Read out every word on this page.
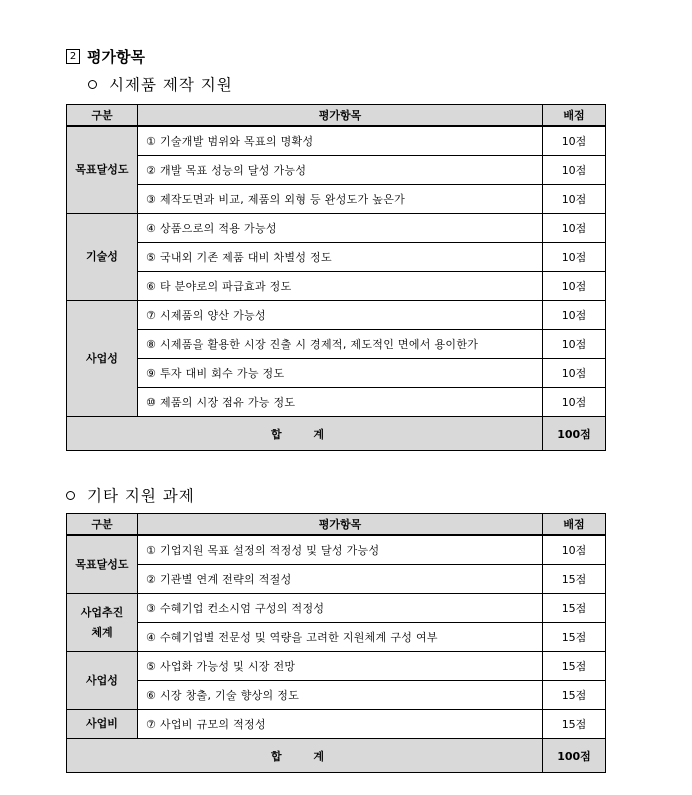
2 평가항목
시제품 제작 지원
구분	평가항목	배점
목표달성도	① 기술개발 범위와 목표의 명확성	10점
	② 개발 목표 성능의 달성 가능성	10점
	③ 제작도면과 비교, 제품의 외형 등 완성도가 높은가	10점
기술성	④ 상품으로의 적용 가능성	10점
	⑤ 국내외 기존 제품 대비 차별성 정도	10점
	⑥ 타 분야로의 파급효과 정도	10점
사업성	⑦ 시제품의 양산 가능성	10점
	⑧ 시제품을 활용한 시장 진출 시 경제적, 제도적인 면에서 용이한가	10점
	⑨ 투자 대비 회수 가능 정도	10점
	⑩ 제품의 시장 점유 가능 정도	10점
합 계		100점
기타 지원 과제
구분	평가항목	배점
목표달성도	① 기업지원 목표 설정의 적정성 및 달성 가능성	10점
	② 기관별 연계 전략의 적절성	15점

사업추진
체계	③ 수혜기업 컨소시엄 구성의 적정성	15점
	④ 수혜기업별 전문성 및 역량을 고려한 지원체계 구성 여부	15점
사업성	⑤ 사업화 가능성 및 시장 전망	15점
	⑥ 시장 창출, 기술 향상의 정도	15점
사업비	⑦ 사업비 규모의 적정성	15점
합 계		100점
